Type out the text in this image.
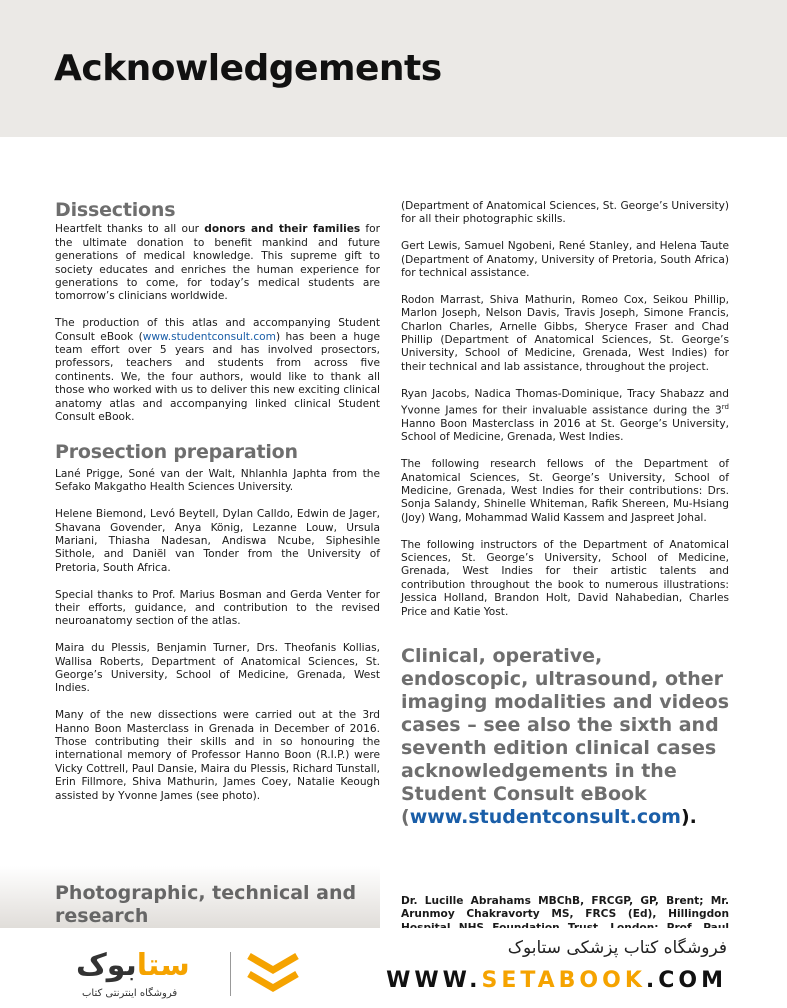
Acknowledgements
Dissections

Heartfelt thanks to all our donors and their families for the ultimate donation to benefit mankind and future generations of medical knowledge. This supreme gift to society educates and enriches the human experience for generations to come, for today’s medical students are tomorrow’s clinicians worldwide.

The production of this atlas and accompanying Student Consult eBook (www.studentconsult.com) has been a huge team effort over 5 years and has involved prosectors, professors, teachers and students from across five continents. We, the four authors, would like to thank all those who worked with us to deliver this new exciting clinical anatomy atlas and accompanying linked clinical Student Consult eBook.

Prosection preparation

Lané Prigge, Soné van der Walt, Nhlanhla Japhta from the Sefako Makgatho Health Sciences University.

Helene Biemond, Levó Beytell, Dylan Calldo, Edwin de Jager, Shavana Govender, Anya König, Lezanne Louw, Ursula Mariani, Thiasha Nadesan, Andiswa Ncube, Siphesihle Sithole, and Daniël van Tonder from the University of Pretoria, South Africa.

Special thanks to Prof. Marius Bosman and Gerda Venter for their efforts, guidance, and contribution to the revised neuroanatomy section of the atlas.

Maira du Plessis, Benjamin Turner, Drs. Theofanis Kollias, Wallisa Roberts, Department of Anatomical Sciences, St. George’s University, School of Medicine, Grenada, West Indies.

Many of the new dissections were carried out at the 3rd Hanno Boon Masterclass in Grenada in December of 2016. Those contributing their skills and in so honouring the international memory of Professor Hanno Boon (R.I.P.) were Vicky Cottrell, Paul Dansie, Maira du Plessis, Richard Tunstall, Erin Fillmore, Shiva Mathurin, James Coey, Natalie Keough assisted by Yvonne James (see photo).

Photographic, technical and research

(Department of Anatomical Sciences, St. George’s University) for all their photographic skills.

Gert Lewis, Samuel Ngobeni, René Stanley, and Helena Taute (Department of Anatomy, University of Pretoria, South Africa) for technical assistance.

Rodon Marrast, Shiva Mathurin, Romeo Cox, Seikou Phillip, Marlon Joseph, Nelson Davis, Travis Joseph, Simone Francis, Charlon Charles, Arnelle Gibbs, Sheryce Fraser and Chad Phillip (Department of Anatomical Sciences, St. George’s University, School of Medicine, Grenada, West Indies) for their technical and lab assistance, throughout the project.

Ryan Jacobs, Nadica Thomas-Dominique, Tracy Shabazz and Yvonne James for their invaluable assistance during the 3rd Hanno Boon Masterclass in 2016 at St. George’s University, School of Medicine, Grenada, West Indies.

The following research fellows of the Department of Anatomical Sciences, St. George’s University, School of Medicine, Grenada, West Indies for their contributions: Drs. Sonja Salandy, Shinelle Whiteman, Rafik Shereen, Mu-Hsiang (Joy) Wang, Mohammad Walid Kassem and Jaspreet Johal.

The following instructors of the Department of Anatomical Sciences, St. George’s University, School of Medicine, Grenada, West Indies for their artistic talents and contribution throughout the book to numerous illustrations: Jessica Holland, Brandon Holt, David Nahabedian, Charles Price and Katie Yost.

Clinical, operative, endoscopic, ultrasound, other imaging modalities and videos cases – see also the sixth and seventh edition clinical cases acknowledgements in the Student Consult eBook (www.studentconsult.com).
Dr. Lucille Abrahams MBChB, FRCGP, GP, Brent; Mr. Arunmoy Chakravorty MS, FRCS (Ed), Hillingdon
ستابوک
فروشگاه اینترنتی کتاب
فروشگاه کتاب پزشکی ستابوک
WWW.SETABOOK.COM
